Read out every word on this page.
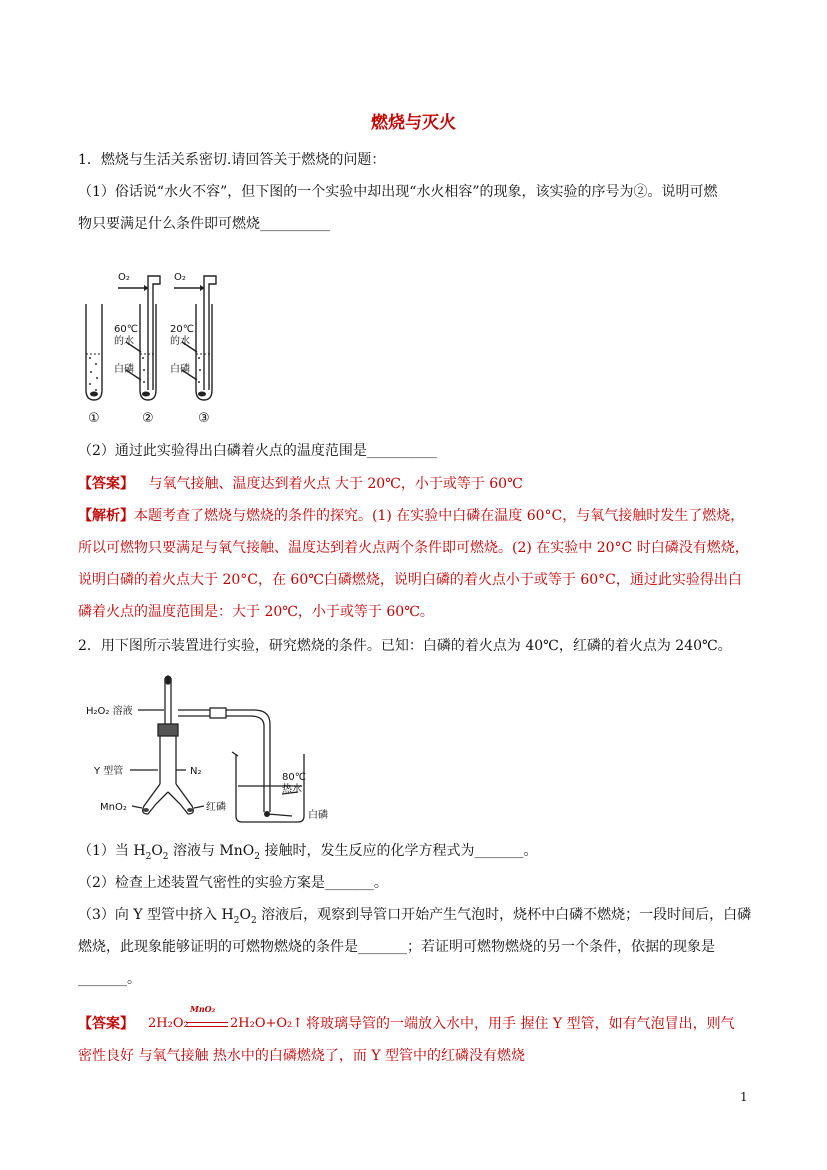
燃烧与灭火
1．燃烧与生活关系密切.请回答关于燃烧的问题：
（1）俗话说“水火不容”，但下图的一个实验中却出现“水火相容”的现象，该实验的序号为②。说明可燃
物只要满足什么条件即可燃烧__________
O₂	O₂
60℃
的水
20℃
的水
白磷	白磷
①	②	③
（2）通过此实验得出白磷着火点的温度范围是__________
【答案】 与氧气接触、温度达到着火点 大于 20℃，小于或等于 60℃
【解析】本题考查了燃烧与燃烧的条件的探究。(1) 在实验中白磷在温度 60°C，与氧气接触时发生了燃烧，
所以可燃物只要满足与氧气接触、温度达到着火点两个条件即可燃烧。(2) 在实验中 20°C 时白磷没有燃烧，
说明白磷的着火点大于 20°C，在 60℃白磷燃烧，说明白磷的着火点小于或等于 60°C，通过此实验得出白
磷着火点的温度范围是：大于 20℃，小于或等于 60℃。
2．用下图所示装置进行实验，研究燃烧的条件。已知：白磷的着火点为 40℃，红磷的着火点为 240℃。
H₂O₂ 溶液
Y 型管	N₂
MnO₂	红磷
80℃
热水
白磷
（1）当 $H_2O_2$ 溶液与 MnO$_2$ 接触时，发生反应的化学方程式为_______。
（2）检查上述装置气密性的实验方案是_______。
（3）向 Y 型管中挤入 $H_2O_2$ 溶液后，观察到导管口开始产生气泡时，烧杯中白磷不燃烧；一段时间后，白磷
燃烧，此现象能够证明的可燃物燃烧的条件是_______；若证明可燃物燃烧的另一个条件，依据的现象是
_______。
【答案】	2H₂O₂
MnO₂
2H₂O+O₂↑ 将玻璃导管的一端放入水中，用手 握住 Y 型管，如有气泡冒出，则气
密性良好 与氧气接触 热水中的白磷燃烧了，而 Y 型管中的红磷没有燃烧
1
